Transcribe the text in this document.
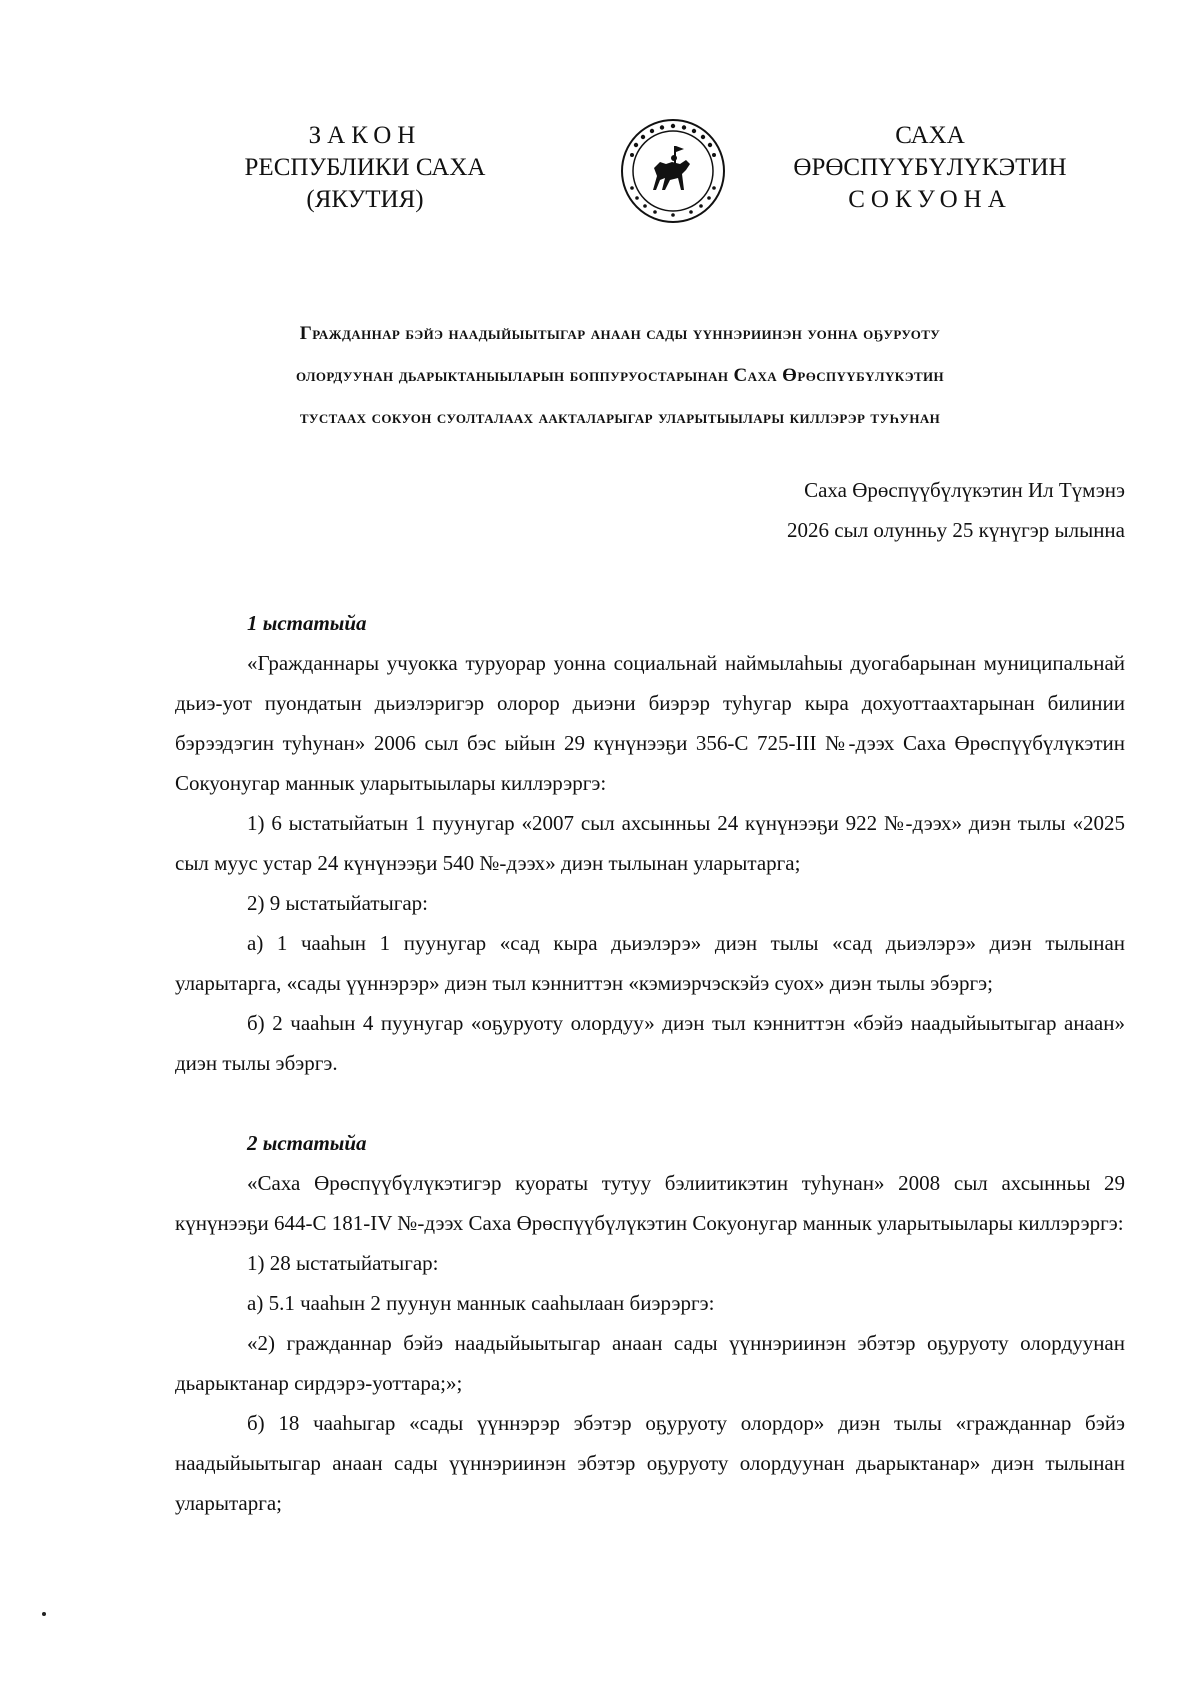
ЗАКОН
РЕСПУБЛИКИ САХА (ЯКУТИЯ)
САХА ӨРӨСПҮҮБҮЛҮКЭТИН
СОКУОНА
Гражданнар бэйэ наадыйыытыгар анаан сады үүннэриинэн уонна оҕуруоту
олордуунан дьарыктаныыларын боппуруостарынан Саха Өрөспүүбүлүкэтин
тустаах сокуон суолталаах аакталарыгар уларытыылары киллэрэр туһунан
Саха Өрөспүүбүлүкэтин Ил Түмэнэ
2026 сыл олунньу 25 күнүгэр ылынна

1 ыстатыйа

«Гражданнары учуокка туруорар уонна социальнай наймылаһыы дуогабарынан муниципальнай дьиэ-уот пуондатын дьиэлэригэр олорор дьиэни биэрэр туһугар кыра дохуоттаахтарынан билинии бэрээдэгин туһунан» 2006 сыл бэс ыйын 29 күнүнээҕи 356-С 725-III №-дээх Саха Өрөспүүбүлүкэтин Сокуонугар маннык уларытыылары киллэрэргэ:

1) 6 ыстатыйатын 1 пуунугар «2007 сыл ахсынньы 24 күнүнээҕи 922 №-дээх» диэн тылы «2025 сыл муус устар 24 күнүнээҕи 540 №-дээх» диэн тылынан уларытарга;

2) 9 ыстатыйатыгар:

а) 1 чааһын 1 пуунугар «сад кыра дьиэлэрэ» диэн тылы «сад дьиэлэрэ» диэн тылынан уларытарга, «сады үүннэрэр» диэн тыл кэнниттэн «кэмиэрчэскэйэ суох» диэн тылы эбэргэ;

б) 2 чааһын 4 пуунугар «оҕуруоту олордуу» диэн тыл кэнниттэн «бэйэ наадыйыытыгар анаан» диэн тылы эбэргэ.

2 ыстатыйа

«Саха Өрөспүүбүлүкэтигэр куораты тутуу бэлиитикэтин туһунан» 2008 сыл ахсынньы 29 күнүнээҕи 644-С 181-IV №-дээх Саха Өрөспүүбүлүкэтин Сокуонугар маннык уларытыылары киллэрэргэ:

1) 28 ыстатыйатыгар:

а) 5.1 чааһын 2 пуунун маннык сааһылаан биэрэргэ:

«2) гражданнар бэйэ наадыйыытыгар анаан сады үүннэриинэн эбэтэр оҕуруоту олордуунан дьарыктанар сирдэрэ-уоттара;»;

б) 18 чааһыгар «сады үүннэрэр эбэтэр оҕуруоту олордор» диэн тылы «гражданнар бэйэ наадыйыытыгар анаан сады үүннэриинэн эбэтэр оҕуруоту олордуунан дьарыктанар» диэн тылынан уларытарга;
